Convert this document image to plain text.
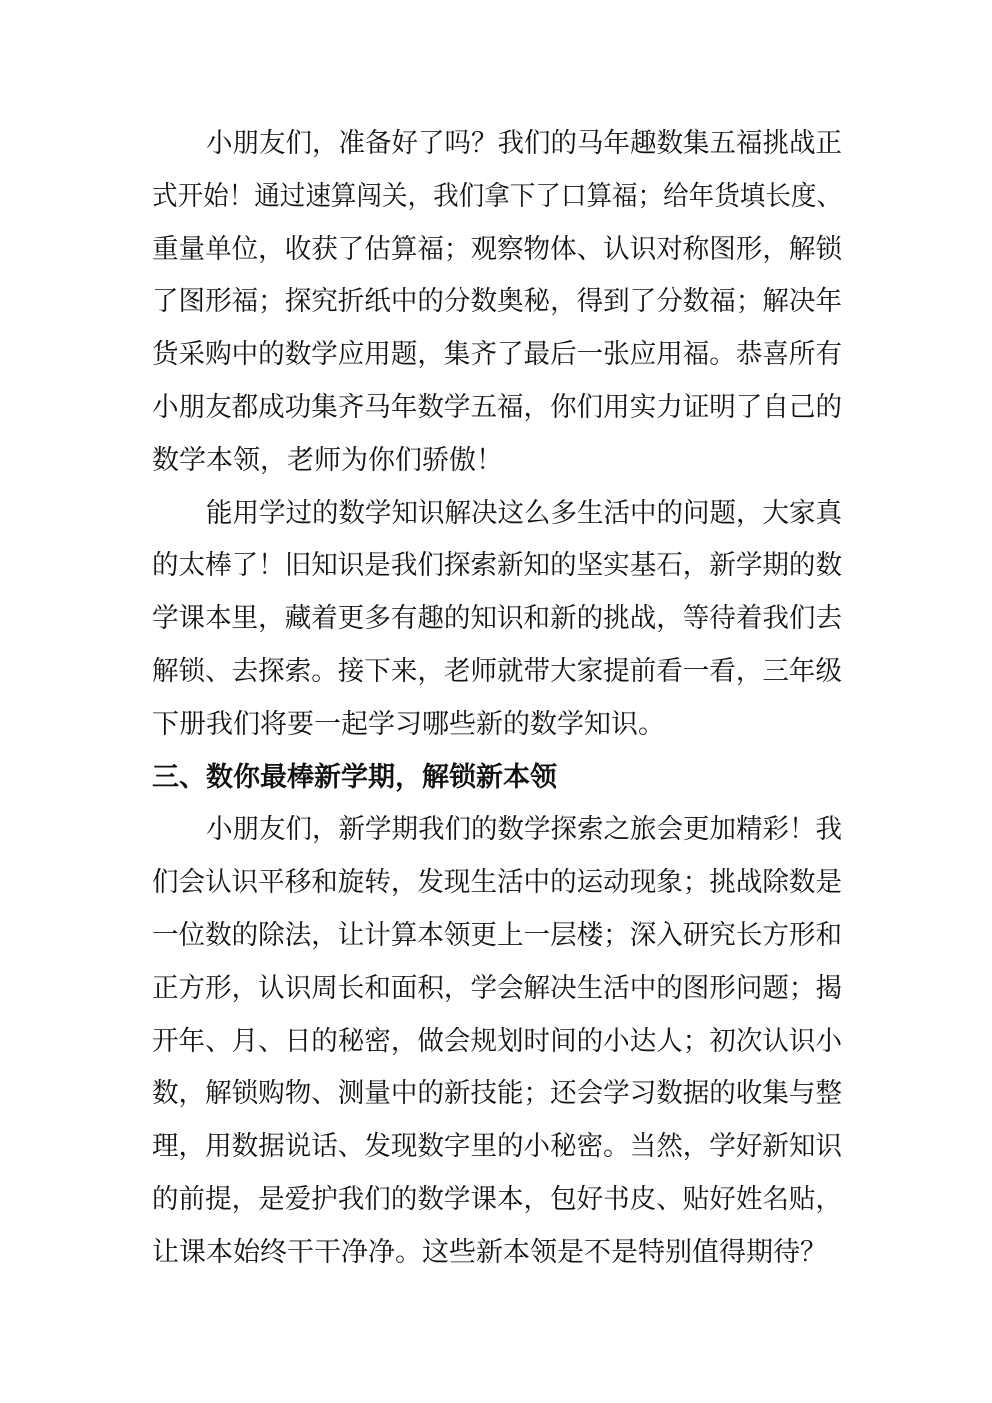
小朋友们，准备好了吗？我们的马年趣数集五福挑战正

式开始！通过速算闯关，我们拿下了口算福；给年货填长度、

重量单位，收获了估算福；观察物体、认识对称图形，解锁

了图形福；探究折纸中的分数奥秘，得到了分数福；解决年

货采购中的数学应用题，集齐了最后一张应用福。恭喜所有

小朋友都成功集齐马年数学五福，你们用实力证明了自己的

数学本领，老师为你们骄傲！

能用学过的数学知识解决这么多生活中的问题，大家真

的太棒了！旧知识是我们探索新知的坚实基石，新学期的数

学课本里，藏着更多有趣的知识和新的挑战，等待着我们去

解锁、去探索。接下来，老师就带大家提前看一看，三年级

下册我们将要一起学习哪些新的数学知识。

三、数你最棒新学期，解锁新本领

小朋友们，新学期我们的数学探索之旅会更加精彩！我

们会认识平移和旋转，发现生活中的运动现象；挑战除数是

一位数的除法，让计算本领更上一层楼；深入研究长方形和

正方形，认识周长和面积，学会解决生活中的图形问题；揭

开年、月、日的秘密，做会规划时间的小达人；初次认识小

数，解锁购物、测量中的新技能；还会学习数据的收集与整

理，用数据说话、发现数字里的小秘密。当然，学好新知识

的前提，是爱护我们的数学课本，包好书皮、贴好姓名贴，

让课本始终干干净净。这些新本领是不是特别值得期待？
